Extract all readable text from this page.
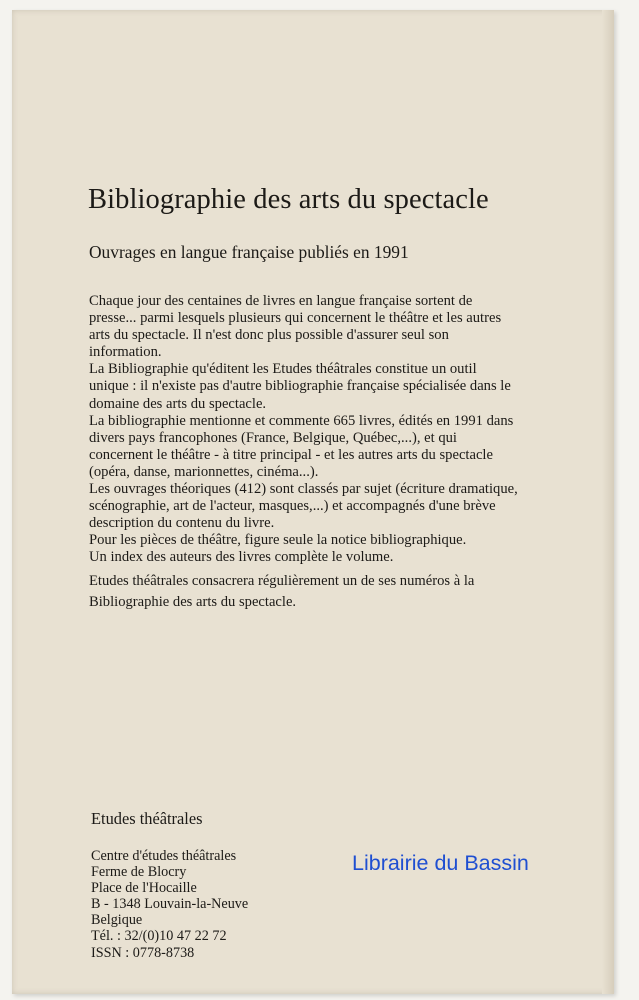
Bibliographie des arts du spectacle
Ouvrages en langue française publiés en 1991

Chaque jour des centaines de livres en langue française sortent de

presse... parmi lesquels plusieurs qui concernent le théâtre et les autres

arts du spectacle. Il n'est donc plus possible d'assurer seul son

information.

La Bibliographie qu'éditent les Etudes théâtrales constitue un outil

unique : il n'existe pas d'autre bibliographie française spécialisée dans le

domaine des arts du spectacle.

La bibliographie mentionne et commente 665 livres, édités en 1991 dans

divers pays francophones (France, Belgique, Québec,...), et qui

concernent le théâtre - à titre principal - et les autres arts du spectacle

(opéra, danse, marionnettes, cinéma...).

Les ouvrages théoriques (412) sont classés par sujet (écriture dramatique,

scénographie, art de l'acteur, masques,...) et accompagnés d'une brève

description du contenu du livre.

Pour les pièces de théâtre, figure seule la notice bibliographique.

Un index des auteurs des livres complète le volume.

Etudes théâtrales consacrera régulièrement un de ses numéros à la

Bibliographie des arts du spectacle.

Etudes théâtrales
Centre d'études théâtrales
Ferme de Blocry
Place de l'Hocaille
B - 1348 Louvain-la-Neuve
Belgique
Tél. : 32/(0)10 47 22 72
ISSN : 0778-8738
Librairie du Bassin
